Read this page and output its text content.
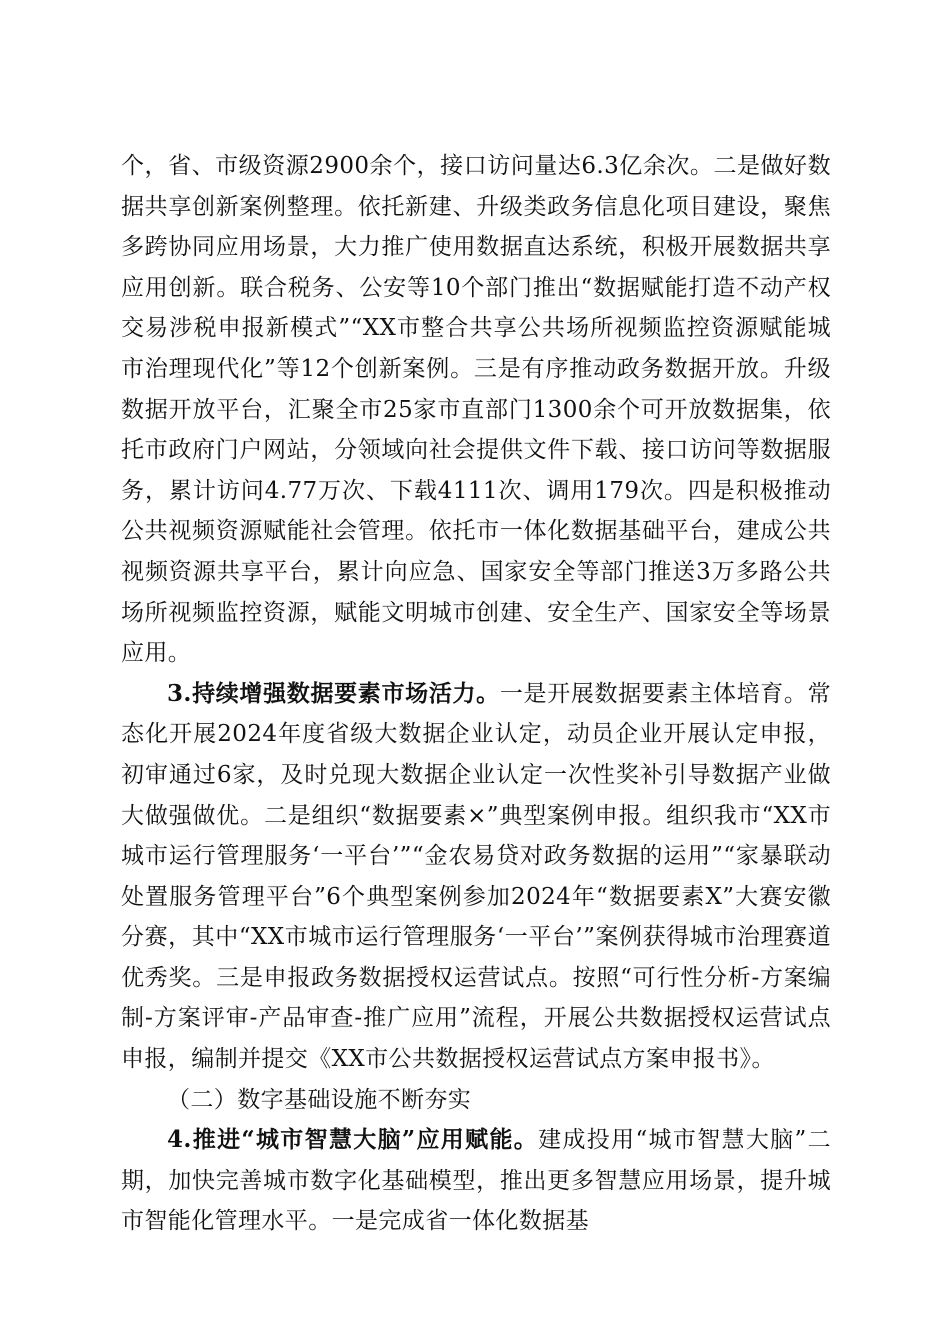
个，省、市级资源2900余个，接口访问量达6.3亿余次。二是做好数据共享创新案例整理。依托新建、升级类政务信息化项目建设，聚焦多跨协同应用场景，大力推广使用数据直达系统，积极开展数据共享应用创新。联合税务、公安等10个部门推出“数据赋能打造不动产权交易涉税申报新模式”“XX市整合共享公共场所视频监控资源赋能城市治理现代化”等12个创新案例。三是有序推动政务数据开放。升级数据开放平台，汇聚全市25家市直部门1300余个可开放数据集，依托市政府门户网站，分领域向社会提供文件下载、接口访问等数据服务，累计访问4.77万次、下载4111次、调用179次。四是积极推动公共视频资源赋能社会管理。依托市一体化数据基础平台，建成公共视频资源共享平台，累计向应急、国家安全等部门推送3万多路公共场所视频监控资源，赋能文明城市创建、安全生产、国家安全等场景应用。

3.持续增强数据要素市场活力。一是开展数据要素主体培育。常态化开展2024年度省级大数据企业认定，动员企业开展认定申报，初审通过6家，及时兑现大数据企业认定一次性奖补引导数据产业做大做强做优。二是组织“数据要素×”典型案例申报。组织我市“XX市城市运行管理服务‘一平台’”“金农易贷对政务数据的运用”“家暴联动处置服务管理平台”6个典型案例参加2024年“数据要素X”大赛安徽分赛，其中“XX市城市运行管理服务‘一平台’”案例获得城市治理赛道优秀奖。三是申报政务数据授权运营试点。按照“可行性分析-方案编制-方案评审-产品审查-推广应用”流程，开展公共数据授权运营试点申报，编制并提交《XX市公共数据授权运营试点方案申报书》。

（二）数字基础设施不断夯实

4.推进“城市智慧大脑”应用赋能。建成投用“城市智慧大脑”二期，加快完善城市数字化基础模型，推出更多智慧应用场景，提升城市智能化管理水平。一是完成省一体化数据基
